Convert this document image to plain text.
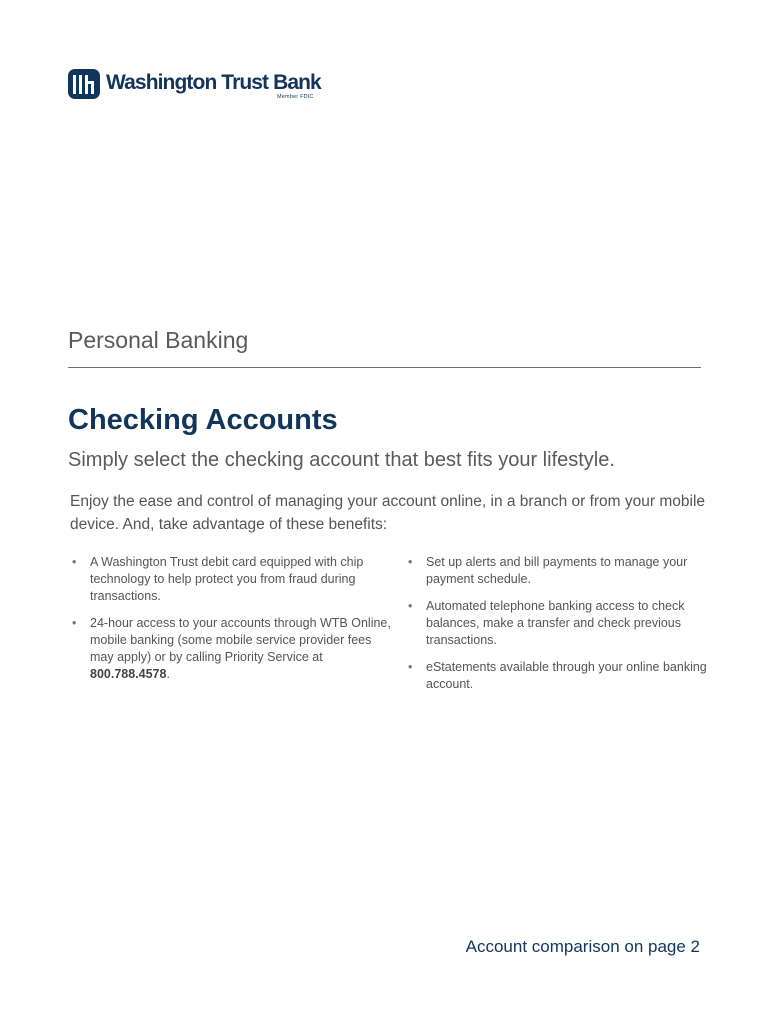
Washington Trust Bank
Member FDIC
Personal Banking
Checking Accounts
Simply select the checking account that best fits your lifestyle.

Enjoy the ease and control of managing your account online, in a branch or from your mobile device. And, take advantage of these benefits:

• A Washington Trust debit card equipped with chip technology to help protect you from fraud during transactions.
• 24-hour access to your accounts through WTB Online, mobile banking (some mobile service provider fees may apply) or by calling Priority Service at 800.788.4578.
• Set up alerts and bill payments to manage your payment schedule.
• Automated telephone banking access to check balances, make a transfer and check previous transactions.
• eStatements available through your online banking account.
Account comparison on page 2
